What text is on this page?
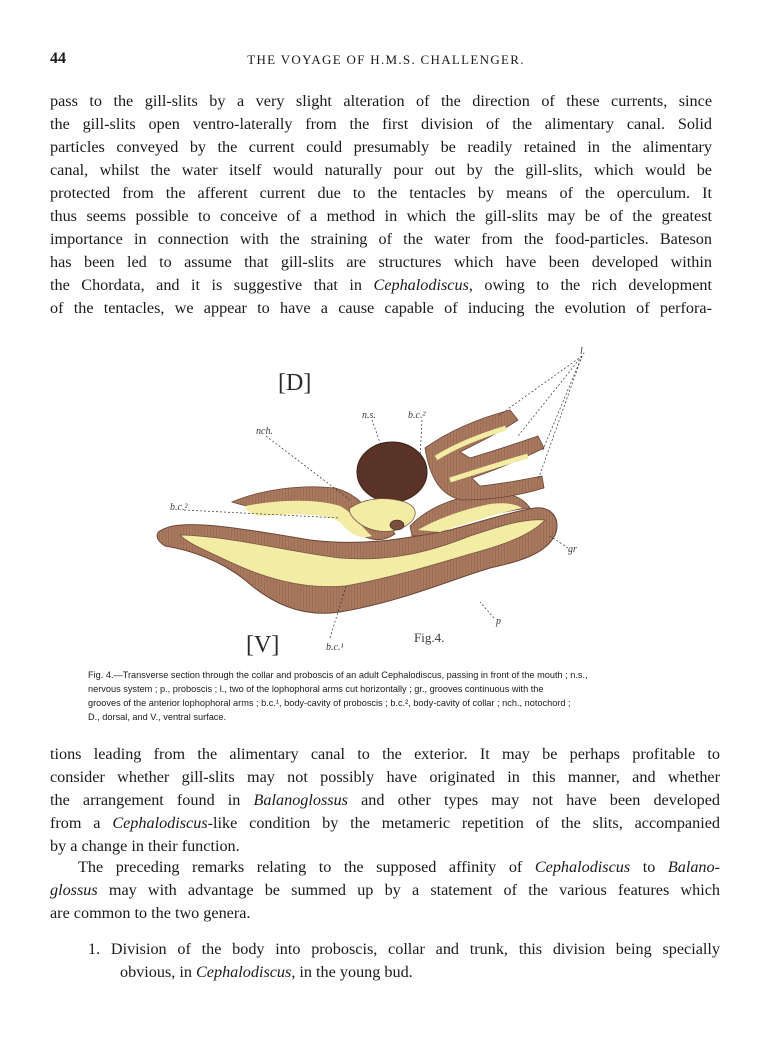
44	THE VOYAGE OF H.M.S. CHALLENGER.
pass to the gill-slits by a very slight alteration of the direction of these currents, since
the gill-slits open ventro-laterally from the first division of the alimentary canal. Solid
particles conveyed by the current could presumably be readily retained in the alimentary
canal, whilst the water itself would naturally pour out by the gill-slits, which would be
protected from the afferent current due to the tentacles by means of the operculum. It
thus seems possible to conceive of a method in which the gill-slits may be of the greatest
importance in connection with the straining of the water from the food-particles. Bateson
has been led to assume that gill-slits are structures which have been developed within
the Chordata, and it is suggestive that in Cephalodiscus, owing to the rich development
of the tentacles, we appear to have a cause capable of inducing the evolution of perfora-
[D]
[V]
n.s.	b.c.²
nch.
l.
b.c.²
gr
p
b.c.¹
Fig.4.
Fig. 4.—Transverse section through the collar and proboscis of an adult Cephalodiscus, passing in front of the mouth ; n.s.,
nervous system ; p., proboscis ; l., two of the lophophoral arms cut horizontally ; gr., grooves continuous with the
grooves of the anterior lophophoral arms ; b.c.¹, body-cavity of proboscis ; b.c.², body-cavity of collar ; nch., notochord ;
D., dorsal, and V., ventral surface.
tions leading from the alimentary canal to the exterior. It may be perhaps profitable to
consider whether gill-slits may not possibly have originated in this manner, and whether
the arrangement found in Balanoglossus and other types may not have been developed
from a Cephalodiscus-like condition by the metameric repetition of the slits, accompanied
by a change in their function.
The preceding remarks relating to the supposed affinity of Cephalodiscus to Balano-
glossus may with advantage be summed up by a statement of the various features which
are common to the two genera.
1. Division of the body into proboscis, collar and trunk, this division being specially
obvious, in Cephalodiscus, in the young bud.
